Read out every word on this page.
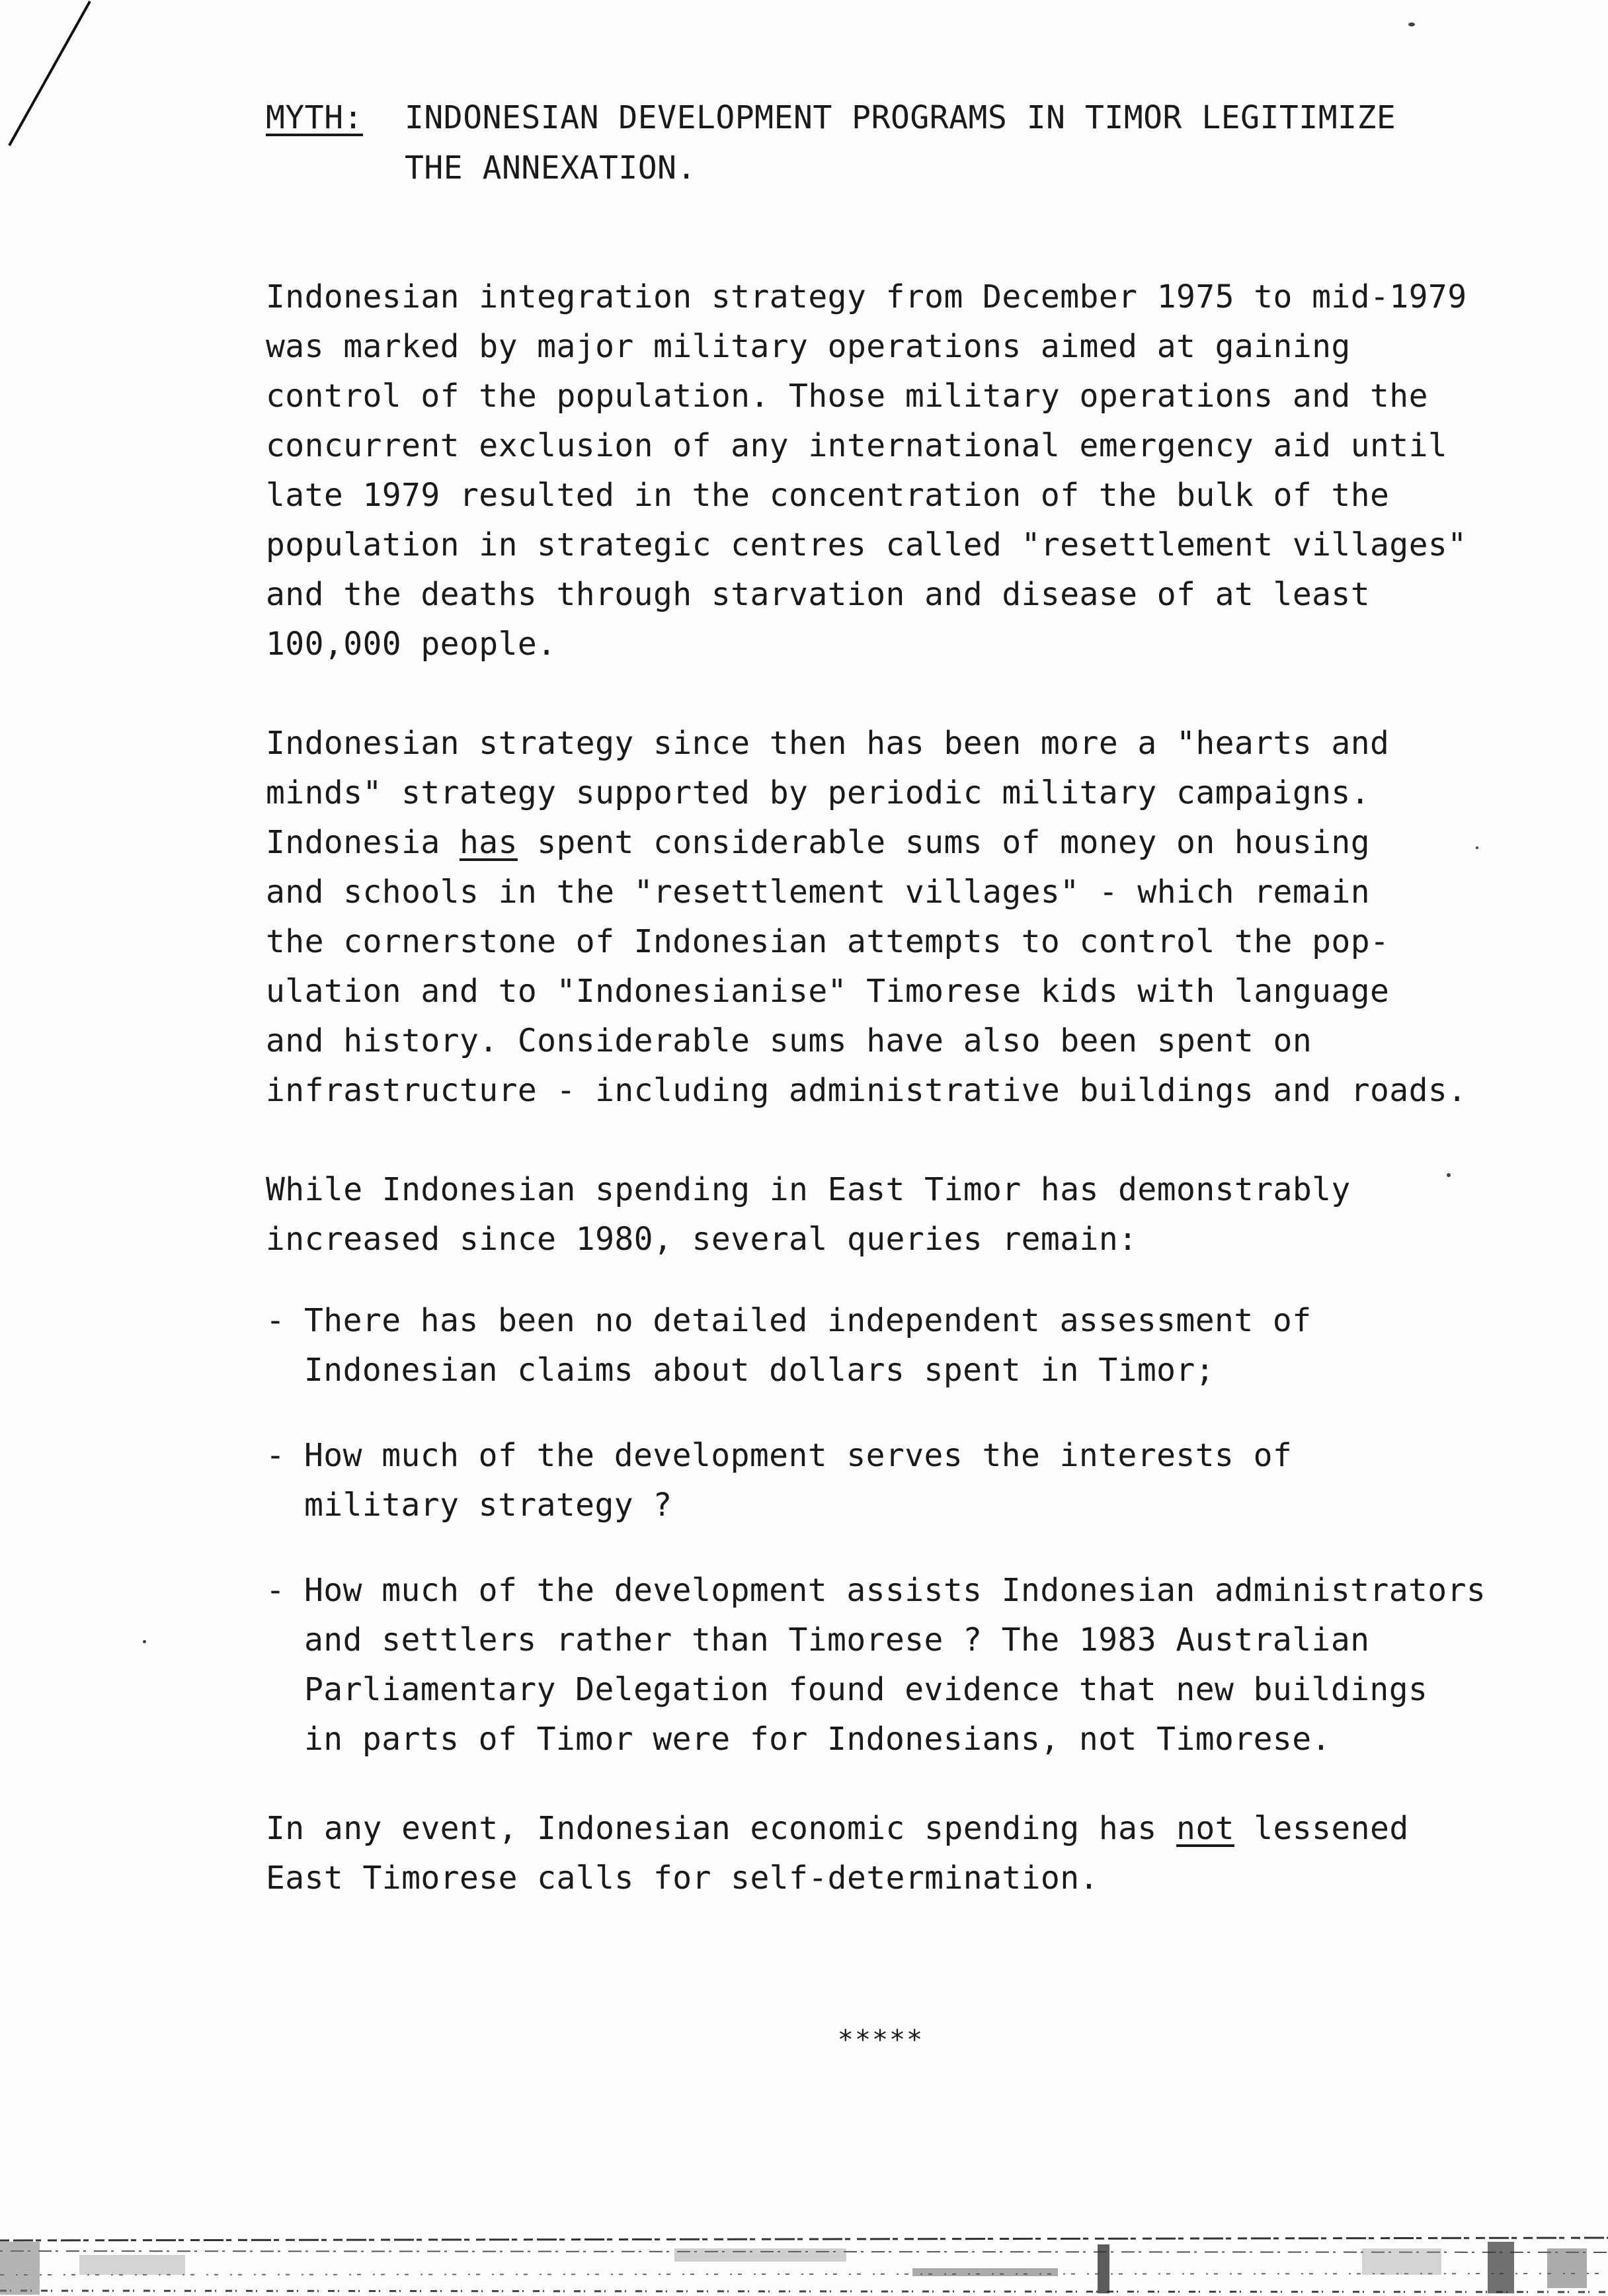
MYTH:	INDONESIAN DEVELOPMENT PROGRAMS IN TIMOR LEGITIMIZE
THE ANNEXATION.

Indonesian integration strategy from December 1975 to mid-1979
was marked by major military operations aimed at gaining
control of the population. Those military operations and the
concurrent exclusion of any international emergency aid until
late 1979 resulted in the concentration of the bulk of the
population in strategic centres called "resettlement villages"
and the deaths through starvation and disease of at least
100,000 people.

Indonesian strategy since then has been more a "hearts and
minds" strategy supported by periodic military campaigns.
Indonesia has spent considerable sums of money on housing
and schools in the "resettlement villages" - which remain
the cornerstone of Indonesian attempts to control the pop-
ulation and to "Indonesianise" Timorese kids with language
and history. Considerable sums have also been spent on
infrastructure - including administrative buildings and roads.

While Indonesian spending in East Timor has demonstrably
increased since 1980, several queries remain:

- There has been no detailed independent assessment of
Indonesian claims about dollars spent in Timor;
- How much of the development serves the interests of
military strategy ?
- How much of the development assists Indonesian administrators
and settlers rather than Timorese ? The 1983 Australian
Parliamentary Delegation found evidence that new buildings
in parts of Timor were for Indonesians, not Timorese.

In any event, Indonesian economic spending has not lessened
East Timorese calls for self-determination.

*****
